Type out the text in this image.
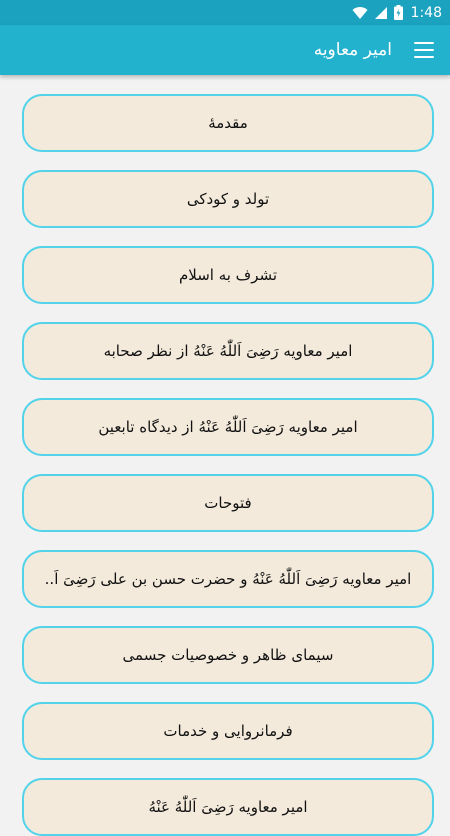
1:48
امیر معاویه
مقدمۀ
تولد و کودکی
تشرف به اسلام
امیر معاویه رَضِیَ اَللّٰهُ عَنْهُ از نظر صحابه
امیر معاویه رَضِیَ اَللّٰهُ عَنْهُ از دیدگاه تابعین
فتوحات
امیر معاویه رَضِیَ اَللّٰهُ عَنْهُ و حضرت حسن بن علی رَضِیَ اَ..
سیمای ظاهر و خصوصیات جسمی
فرمانروایی و خدمات
امیر معاویه رَضِیَ اَللّٰهُ عَنْهُ
